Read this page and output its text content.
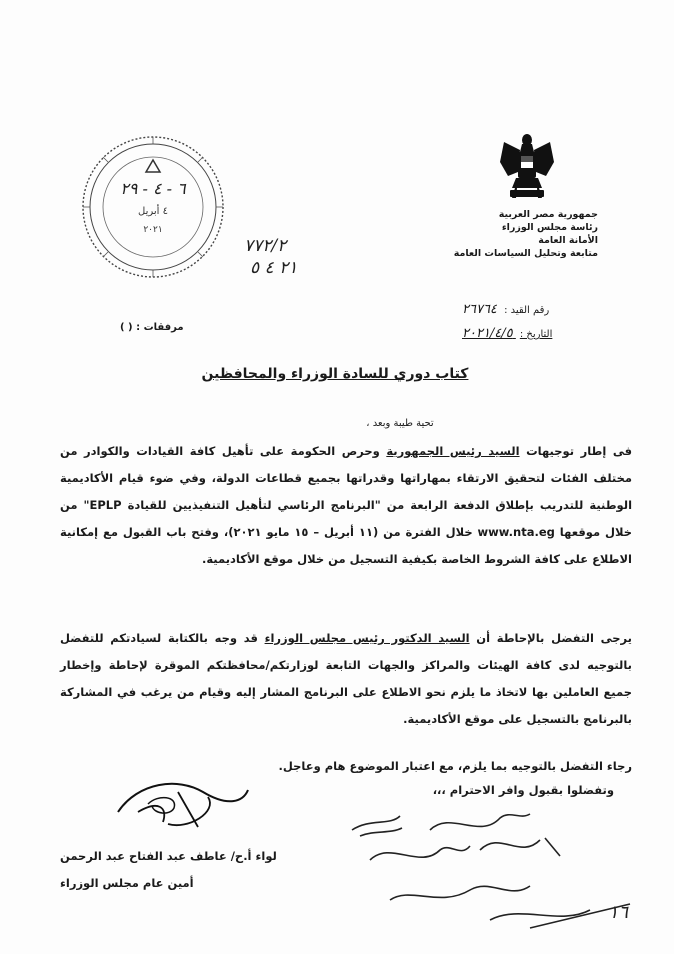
جمهورية مصر العربية
رئاسة مجلس الوزراء
الأمانة العامة
متابعة وتحليل السياسات العامة
٦ - ٤ - ٢٩
٤ أبريل
٢٠٢١
٧٧٢/٢
٢١ ٤ ٥
رقم القيد : ٢٦٧٦٤
التاريخ : ٢٠٢١/٤/٥
مرفقات : ( )
كتاب دوري للسادة الوزراء والمحافظين
تحية طيبة وبعد ،

فى إطار توجيهات السيد رئيس الجمهورية وحرص الحكومة على تأهيل كافة القيادات والكوادر من مختلف الفئات لتحقيق الارتقاء بمهاراتها وقدراتها بجميع قطاعات الدولة، وفي ضوء قيام الأكاديمية الوطنية للتدريب بإطلاق الدفعة الرابعة من "البرنامج الرئاسي لتأهيل التنفيذيين للقيادة EPLP" من خلال موقعها www.nta.eg خلال الفترة من (١١ أبريل – ١٥ مايو ٢٠٢١)، وفتح باب القبول مع إمكانية الاطلاع على كافة الشروط الخاصة بكيفية التسجيل من خلال موقع الأكاديمية.

يرجى التفضل بالإحاطة أن السيد الدكتور رئيس مجلس الوزراء قد وجه بالكتابة لسيادتكم للتفضل بالتوجيه لدى كافة الهيئات والمراكز والجهات التابعة لوزارتكم/محافظتكم الموقرة لإحاطة وإخطار جميع العاملين بها لاتخاذ ما يلزم نحو الاطلاع على البرنامج المشار إليه وقيام من يرغب في المشاركة بالبرنامج بالتسجيل على موقع الأكاديمية.

رجاء التفضل بالتوجيه بما يلزم، مع اعتبار الموضوع هام وعاجل.

وتفضلوا بقبول وافر الاحترام ،،،

لواء أ.ح/ عاطف عبد الفتاح عبد الرحمن
أمين عام مجلس الوزراء
١٦
